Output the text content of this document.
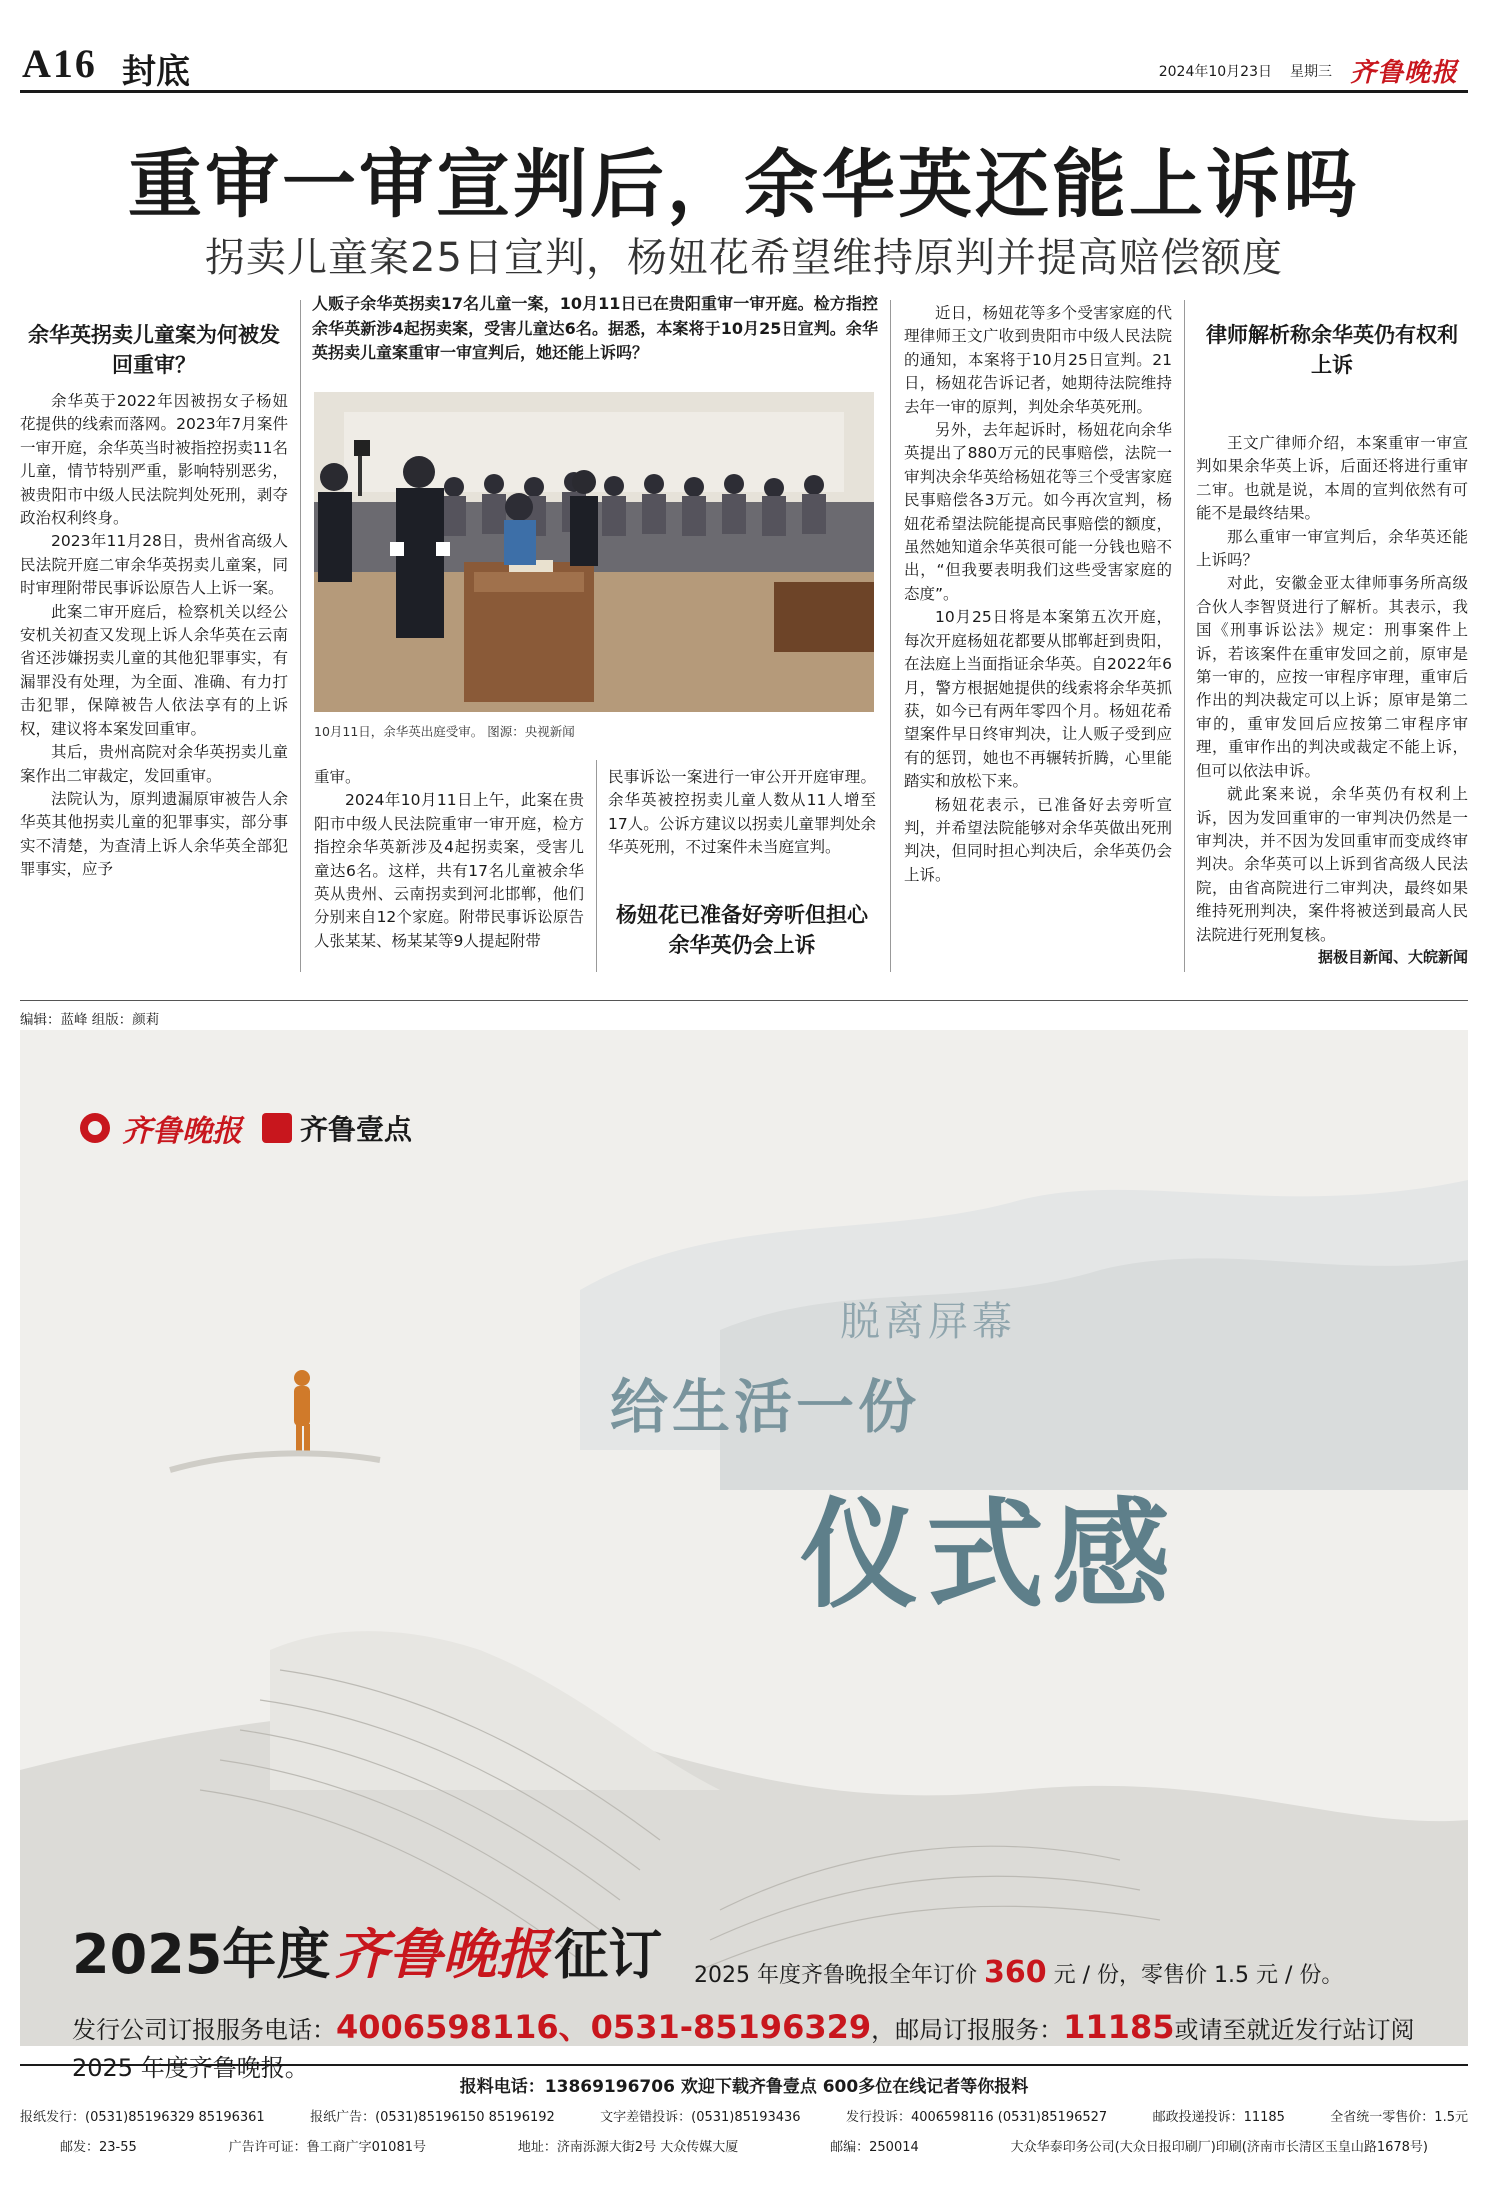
A16 封底	2024年10月23日 星期三 齐鲁晚报
重审一审宣判后，余华英还能上诉吗
拐卖儿童案25日宣判，杨妞花希望维持原判并提高赔偿额度
余华英拐卖儿童案为何被发回重审？

余华英于2022年因被拐女子杨妞花提供的线索而落网。2023年7月案件一审开庭，余华英当时被指控拐卖11名儿童，情节特别严重，影响特别恶劣，被贵阳市中级人民法院判处死刑，剥夺政治权利终身。

2023年11月28日，贵州省高级人民法院开庭二审余华英拐卖儿童案，同时审理附带民事诉讼原告人上诉一案。

此案二审开庭后，检察机关以经公安机关初查又发现上诉人余华英在云南省还涉嫌拐卖儿童的其他犯罪事实，有漏罪没有处理，为全面、准确、有力打击犯罪，保障被告人依法享有的上诉权，建议将本案发回重审。

其后，贵州高院对余华英拐卖儿童案作出二审裁定，发回重审。

法院认为，原判遗漏原审被告人余华英其他拐卖儿童的犯罪事实，部分事实不清楚，为查清上诉人余华英全部犯罪事实，应予

人贩子余华英拐卖17名儿童一案，10月11日已在贵阳重审一审开庭。检方指控余华英新涉4起拐卖案，受害儿童达6名。据悉，本案将于10月25日宣判。余华英拐卖儿童案重审一审宣判后，她还能上诉吗？
10月11日，余华英出庭受审。 图源：央视新闻

重审。

2024年10月11日上午，此案在贵阳市中级人民法院重审一审开庭，检方指控余华英新涉及4起拐卖案，受害儿童达6名。这样，共有17名儿童被余华英从贵州、云南拐卖到河北邯郸，他们分别来自12个家庭。附带民事诉讼原告人张某某、杨某某等9人提起附带

民事诉讼一案进行一审公开开庭审理。余华英被控拐卖儿童人数从11人增至17人。公诉方建议以拐卖儿童罪判处余华英死刑，不过案件未当庭宣判。

杨妞花已准备好旁听但担心余华英仍会上诉

近日，杨妞花等多个受害家庭的代理律师王文广收到贵阳市中级人民法院的通知，本案将于10月25日宣判。21日，杨妞花告诉记者，她期待法院维持去年一审的原判，判处余华英死刑。

另外，去年起诉时，杨妞花向余华英提出了880万元的民事赔偿，法院一审判决余华英给杨妞花等三个受害家庭民事赔偿各3万元。如今再次宣判，杨妞花希望法院能提高民事赔偿的额度，虽然她知道余华英很可能一分钱也赔不出，“但我要表明我们这些受害家庭的态度”。

10月25日将是本案第五次开庭，每次开庭杨妞花都要从邯郸赶到贵阳，在法庭上当面指证余华英。自2022年6月，警方根据她提供的线索将余华英抓获，如今已有两年零四个月。杨妞花希望案件早日终审判决，让人贩子受到应有的惩罚，她也不再辗转折腾，心里能踏实和放松下来。

杨妞花表示，已准备好去旁听宣判，并希望法院能够对余华英做出死刑判决，但同时担心判决后，余华英仍会上诉。

律师解析称余华英仍有权利上诉

王文广律师介绍，本案重审一审宣判如果余华英上诉，后面还将进行重审二审。也就是说，本周的宣判依然有可能不是最终结果。

那么重审一审宣判后，余华英还能上诉吗？

对此，安徽金亚太律师事务所高级合伙人李智贤进行了解析。其表示，我国《刑事诉讼法》规定：刑事案件上诉，若该案件在重审发回之前，原审是第一审的，应按一审程序审理，重审后作出的判决裁定可以上诉；原审是第二审的，重审发回后应按第二审程序审理，重审作出的判决或裁定不能上诉，但可以依法申诉。

就此案来说，余华英仍有权利上诉，因为发回重审的一审判决仍然是一审判决，并不因为发回重审而变成终审判决。余华英可以上诉到省高级人民法院，由省高院进行二审判决，最终如果维持死刑判决，案件将被送到最高人民法院进行死刑复核。

据极目新闻、大皖新闻
编辑：蓝峰 组版：颜莉
齐鲁晚报 齐鲁壹点
脱离屏幕
给生活一份
仪式感
2025年度 齐鲁晚报 征订 2025 年度齐鲁晚报全年订价 360 元 / 份，零售价 1.5 元 / 份。
发行公司订报服务电话：4006598116、0531-85196329，邮局订报服务：11185或请至就近发行站订阅 2025 年度齐鲁晚报。
报料电话：13869196706 欢迎下载齐鲁壹点 600多位在线记者等你报料
报纸发行：(0531)85196329 85196361	报纸广告：(0531)85196150 85196192	文字差错投诉：(0531)85193436	发行投诉：4006598116 (0531)85196527	邮政投递投诉：11185	全省统一零售价：1.5元
邮发：23-55	广告许可证：鲁工商广字01081号	地址：济南泺源大街2号 大众传媒大厦	邮编：250014	大众华泰印务公司(大众日报印刷厂)印刷(济南市长清区玉皇山路1678号)
